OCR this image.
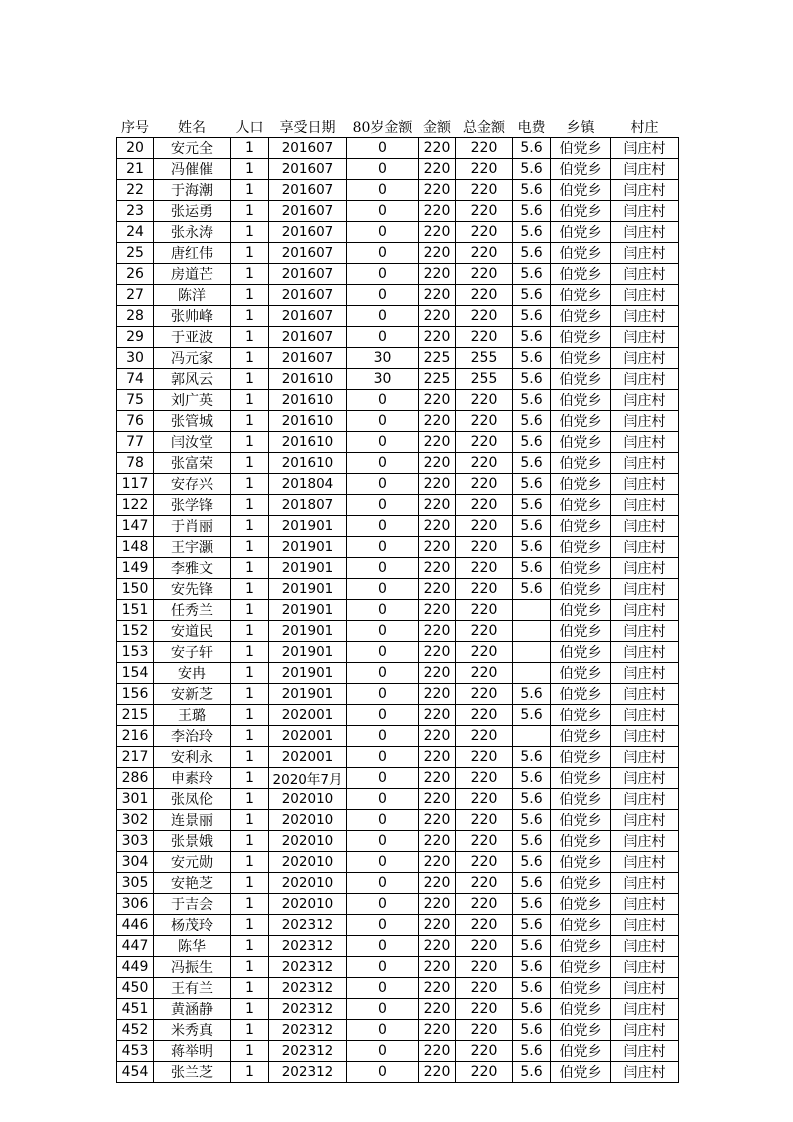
序号	姓名	人口	享受日期	80岁金额	金额	总金额	电费	乡镇	村庄
20	安元全	1	201607	0	220	220	5.6	伯党乡	闫庄村
21	冯催催	1	201607	0	220	220	5.6	伯党乡	闫庄村
22	于海潮	1	201607	0	220	220	5.6	伯党乡	闫庄村
23	张运勇	1	201607	0	220	220	5.6	伯党乡	闫庄村
24	张永涛	1	201607	0	220	220	5.6	伯党乡	闫庄村
25	唐红伟	1	201607	0	220	220	5.6	伯党乡	闫庄村
26	房道芒	1	201607	0	220	220	5.6	伯党乡	闫庄村
27	陈洋	1	201607	0	220	220	5.6	伯党乡	闫庄村
28	张帅峰	1	201607	0	220	220	5.6	伯党乡	闫庄村
29	于亚波	1	201607	0	220	220	5.6	伯党乡	闫庄村
30	冯元家	1	201607	30	225	255	5.6	伯党乡	闫庄村
74	郭风云	1	201610	30	225	255	5.6	伯党乡	闫庄村
75	刘广英	1	201610	0	220	220	5.6	伯党乡	闫庄村
76	张管城	1	201610	0	220	220	5.6	伯党乡	闫庄村
77	闫汝堂	1	201610	0	220	220	5.6	伯党乡	闫庄村
78	张富荣	1	201610	0	220	220	5.6	伯党乡	闫庄村
117	安存兴	1	201804	0	220	220	5.6	伯党乡	闫庄村
122	张学锋	1	201807	0	220	220	5.6	伯党乡	闫庄村
147	于肖丽	1	201901	0	220	220	5.6	伯党乡	闫庄村
148	王宇灏	1	201901	0	220	220	5.6	伯党乡	闫庄村
149	李雅文	1	201901	0	220	220	5.6	伯党乡	闫庄村
150	安先锋	1	201901	0	220	220	5.6	伯党乡	闫庄村
151	任秀兰	1	201901	0	220	220		伯党乡	闫庄村
152	安道民	1	201901	0	220	220		伯党乡	闫庄村
153	安子轩	1	201901	0	220	220		伯党乡	闫庄村
154	安冉	1	201901	0	220	220		伯党乡	闫庄村
156	安新芝	1	201901	0	220	220	5.6	伯党乡	闫庄村
215	王璐	1	202001	0	220	220	5.6	伯党乡	闫庄村
216	李治玲	1	202001	0	220	220		伯党乡	闫庄村
217	安利永	1	202001	0	220	220	5.6	伯党乡	闫庄村
286	申素玲	1	2020年7月	0	220	220	5.6	伯党乡	闫庄村
301	张凤伦	1	202010	0	220	220	5.6	伯党乡	闫庄村
302	连景丽	1	202010	0	220	220	5.6	伯党乡	闫庄村
303	张景娥	1	202010	0	220	220	5.6	伯党乡	闫庄村
304	安元勋	1	202010	0	220	220	5.6	伯党乡	闫庄村
305	安艳芝	1	202010	0	220	220	5.6	伯党乡	闫庄村
306	于吉会	1	202010	0	220	220	5.6	伯党乡	闫庄村
446	杨茂玲	1	202312	0	220	220	5.6	伯党乡	闫庄村
447	陈华	1	202312	0	220	220	5.6	伯党乡	闫庄村
449	冯振生	1	202312	0	220	220	5.6	伯党乡	闫庄村
450	王有兰	1	202312	0	220	220	5.6	伯党乡	闫庄村
451	黄涵静	1	202312	0	220	220	5.6	伯党乡	闫庄村
452	米秀真	1	202312	0	220	220	5.6	伯党乡	闫庄村
453	蒋举明	1	202312	0	220	220	5.6	伯党乡	闫庄村
454	张兰芝	1	202312	0	220	220	5.6	伯党乡	闫庄村
